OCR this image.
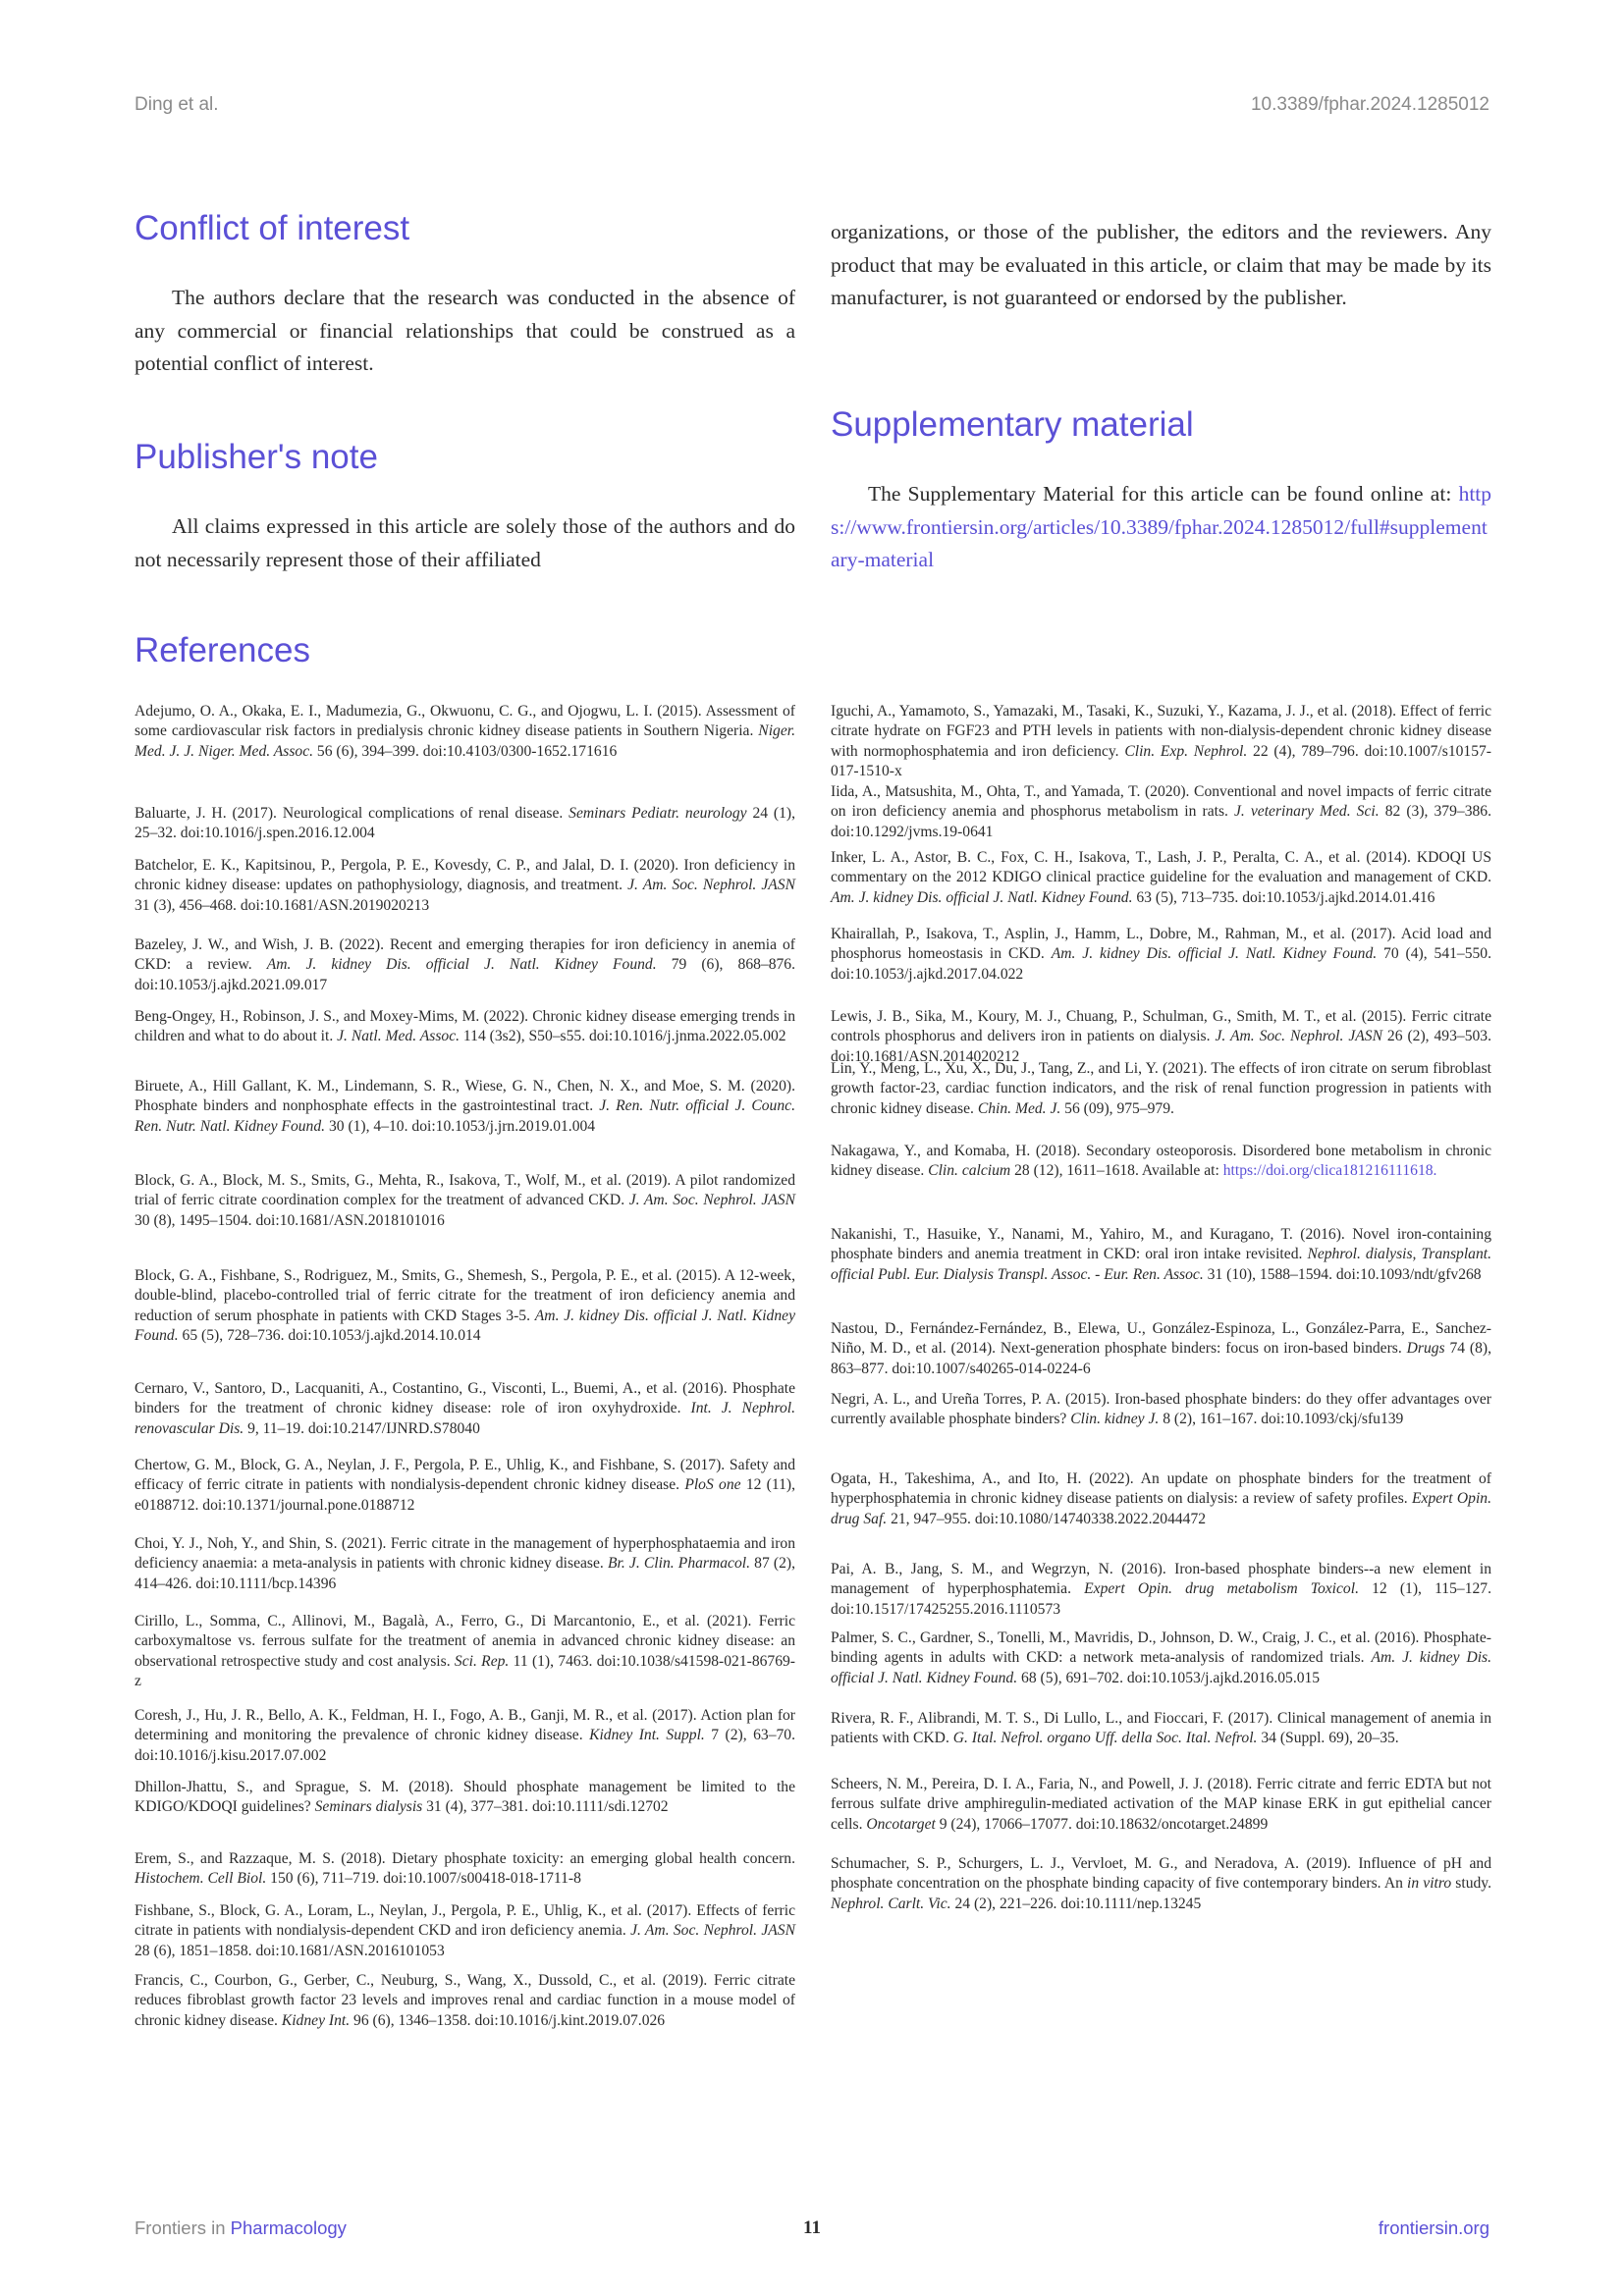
Ding et al.	10.3389/fphar.2024.1285012
Conflict of interest

The authors declare that the research was conducted in the absence of any commercial or financial relationships that could be construed as a potential conflict of interest.

Publisher's note

All claims expressed in this article are solely those of the authors and do not necessarily represent those of their affiliated

organizations, or those of the publisher, the editors and the reviewers. Any product that may be evaluated in this article, or claim that may be made by its manufacturer, is not guaranteed or endorsed by the publisher.

Supplementary material

The Supplementary Material for this article can be found online at: https://www.frontiersin.org/articles/10.3389/fphar.2024.1285012/full#supplementary-material

References
Frontiers in Pharmacology	11	frontiersin.org

Adejumo, O. A., Okaka, E. I., Madumezia, G., Okwuonu, C. G., and Ojogwu, L. I. (2015). Assessment of some cardiovascular risk factors in predialysis chronic kidney disease patients in Southern Nigeria. Niger. Med. J. J. Niger. Med. Assoc. 56 (6), 394–399. doi:10.4103/0300-1652.171616

Baluarte, J. H. (2017). Neurological complications of renal disease. Seminars Pediatr. neurology 24 (1), 25–32. doi:10.1016/j.spen.2016.12.004

Batchelor, E. K., Kapitsinou, P., Pergola, P. E., Kovesdy, C. P., and Jalal, D. I. (2020). Iron deficiency in chronic kidney disease: updates on pathophysiology, diagnosis, and treatment. J. Am. Soc. Nephrol. JASN 31 (3), 456–468. doi:10.1681/ASN.2019020213

Bazeley, J. W., and Wish, J. B. (2022). Recent and emerging therapies for iron deficiency in anemia of CKD: a review. Am. J. kidney Dis. official J. Natl. Kidney Found. 79 (6), 868–876. doi:10.1053/j.ajkd.2021.09.017

Beng-Ongey, H., Robinson, J. S., and Moxey-Mims, M. (2022). Chronic kidney disease emerging trends in children and what to do about it. J. Natl. Med. Assoc. 114 (3s2), S50–s55. doi:10.1016/j.jnma.2022.05.002

Biruete, A., Hill Gallant, K. M., Lindemann, S. R., Wiese, G. N., Chen, N. X., and Moe, S. M. (2020). Phosphate binders and nonphosphate effects in the gastrointestinal tract. J. Ren. Nutr. official J. Counc. Ren. Nutr. Natl. Kidney Found. 30 (1), 4–10. doi:10.1053/j.jrn.2019.01.004

Block, G. A., Block, M. S., Smits, G., Mehta, R., Isakova, T., Wolf, M., et al. (2019). A pilot randomized trial of ferric citrate coordination complex for the treatment of advanced CKD. J. Am. Soc. Nephrol. JASN 30 (8), 1495–1504. doi:10.1681/ASN.2018101016

Block, G. A., Fishbane, S., Rodriguez, M., Smits, G., Shemesh, S., Pergola, P. E., et al. (2015). A 12-week, double-blind, placebo-controlled trial of ferric citrate for the treatment of iron deficiency anemia and reduction of serum phosphate in patients with CKD Stages 3-5. Am. J. kidney Dis. official J. Natl. Kidney Found. 65 (5), 728–736. doi:10.1053/j.ajkd.2014.10.014

Cernaro, V., Santoro, D., Lacquaniti, A., Costantino, G., Visconti, L., Buemi, A., et al. (2016). Phosphate binders for the treatment of chronic kidney disease: role of iron oxyhydroxide. Int. J. Nephrol. renovascular Dis. 9, 11–19. doi:10.2147/IJNRD.S78040

Chertow, G. M., Block, G. A., Neylan, J. F., Pergola, P. E., Uhlig, K., and Fishbane, S. (2017). Safety and efficacy of ferric citrate in patients with nondialysis-dependent chronic kidney disease. PloS one 12 (11), e0188712. doi:10.1371/journal.pone.0188712

Choi, Y. J., Noh, Y., and Shin, S. (2021). Ferric citrate in the management of hyperphosphataemia and iron deficiency anaemia: a meta-analysis in patients with chronic kidney disease. Br. J. Clin. Pharmacol. 87 (2), 414–426. doi:10.1111/bcp.14396

Cirillo, L., Somma, C., Allinovi, M., Bagalà, A., Ferro, G., Di Marcantonio, E., et al. (2021). Ferric carboxymaltose vs. ferrous sulfate for the treatment of anemia in advanced chronic kidney disease: an observational retrospective study and cost analysis. Sci. Rep. 11 (1), 7463. doi:10.1038/s41598-021-86769-z

Coresh, J., Hu, J. R., Bello, A. K., Feldman, H. I., Fogo, A. B., Ganji, M. R., et al. (2017). Action plan for determining and monitoring the prevalence of chronic kidney disease. Kidney Int. Suppl. 7 (2), 63–70. doi:10.1016/j.kisu.2017.07.002

Dhillon-Jhattu, S., and Sprague, S. M. (2018). Should phosphate management be limited to the KDIGO/KDOQI guidelines? Seminars dialysis 31 (4), 377–381. doi:10.1111/sdi.12702

Erem, S., and Razzaque, M. S. (2018). Dietary phosphate toxicity: an emerging global health concern. Histochem. Cell Biol. 150 (6), 711–719. doi:10.1007/s00418-018-1711-8

Fishbane, S., Block, G. A., Loram, L., Neylan, J., Pergola, P. E., Uhlig, K., et al. (2017). Effects of ferric citrate in patients with nondialysis-dependent CKD and iron deficiency anemia. J. Am. Soc. Nephrol. JASN 28 (6), 1851–1858. doi:10.1681/ASN.2016101053

Francis, C., Courbon, G., Gerber, C., Neuburg, S., Wang, X., Dussold, C., et al. (2019). Ferric citrate reduces fibroblast growth factor 23 levels and improves renal and cardiac function in a mouse model of chronic kidney disease. Kidney Int. 96 (6), 1346–1358. doi:10.1016/j.kint.2019.07.026

Iguchi, A., Yamamoto, S., Yamazaki, M., Tasaki, K., Suzuki, Y., Kazama, J. J., et al. (2018). Effect of ferric citrate hydrate on FGF23 and PTH levels in patients with non-dialysis-dependent chronic kidney disease with normophosphatemia and iron deficiency. Clin. Exp. Nephrol. 22 (4), 789–796. doi:10.1007/s10157-017-1510-x

Iida, A., Matsushita, M., Ohta, T., and Yamada, T. (2020). Conventional and novel impacts of ferric citrate on iron deficiency anemia and phosphorus metabolism in rats. J. veterinary Med. Sci. 82 (3), 379–386. doi:10.1292/jvms.19-0641

Inker, L. A., Astor, B. C., Fox, C. H., Isakova, T., Lash, J. P., Peralta, C. A., et al. (2014). KDOQI US commentary on the 2012 KDIGO clinical practice guideline for the evaluation and management of CKD. Am. J. kidney Dis. official J. Natl. Kidney Found. 63 (5), 713–735. doi:10.1053/j.ajkd.2014.01.416

Khairallah, P., Isakova, T., Asplin, J., Hamm, L., Dobre, M., Rahman, M., et al. (2017). Acid load and phosphorus homeostasis in CKD. Am. J. kidney Dis. official J. Natl. Kidney Found. 70 (4), 541–550. doi:10.1053/j.ajkd.2017.04.022

Lewis, J. B., Sika, M., Koury, M. J., Chuang, P., Schulman, G., Smith, M. T., et al. (2015). Ferric citrate controls phosphorus and delivers iron in patients on dialysis. J. Am. Soc. Nephrol. JASN 26 (2), 493–503. doi:10.1681/ASN.2014020212

Lin, Y., Meng, L., Xu, X., Du, J., Tang, Z., and Li, Y. (2021). The effects of iron citrate on serum fibroblast growth factor-23, cardiac function indicators, and the risk of renal function progression in patients with chronic kidney disease. Chin. Med. J. 56 (09), 975–979.

Nakagawa, Y., and Komaba, H. (2018). Secondary osteoporosis. Disordered bone metabolism in chronic kidney disease. Clin. calcium 28 (12), 1611–1618. Available at: https://doi.org/clica181216111618.

Nakanishi, T., Hasuike, Y., Nanami, M., Yahiro, M., and Kuragano, T. (2016). Novel iron-containing phosphate binders and anemia treatment in CKD: oral iron intake revisited. Nephrol. dialysis, Transplant. official Publ. Eur. Dialysis Transpl. Assoc. - Eur. Ren. Assoc. 31 (10), 1588–1594. doi:10.1093/ndt/gfv268

Nastou, D., Fernández-Fernández, B., Elewa, U., González-Espinoza, L., González-Parra, E., Sanchez-Niño, M. D., et al. (2014). Next-generation phosphate binders: focus on iron-based binders. Drugs 74 (8), 863–877. doi:10.1007/s40265-014-0224-6

Negri, A. L., and Ureña Torres, P. A. (2015). Iron-based phosphate binders: do they offer advantages over currently available phosphate binders? Clin. kidney J. 8 (2), 161–167. doi:10.1093/ckj/sfu139

Ogata, H., Takeshima, A., and Ito, H. (2022). An update on phosphate binders for the treatment of hyperphosphatemia in chronic kidney disease patients on dialysis: a review of safety profiles. Expert Opin. drug Saf. 21, 947–955. doi:10.1080/14740338.2022.2044472

Pai, A. B., Jang, S. M., and Wegrzyn, N. (2016). Iron-based phosphate binders--a new element in management of hyperphosphatemia. Expert Opin. drug metabolism Toxicol. 12 (1), 115–127. doi:10.1517/17425255.2016.1110573

Palmer, S. C., Gardner, S., Tonelli, M., Mavridis, D., Johnson, D. W., Craig, J. C., et al. (2016). Phosphate-binding agents in adults with CKD: a network meta-analysis of randomized trials. Am. J. kidney Dis. official J. Natl. Kidney Found. 68 (5), 691–702. doi:10.1053/j.ajkd.2016.05.015

Rivera, R. F., Alibrandi, M. T. S., Di Lullo, L., and Fioccari, F. (2017). Clinical management of anemia in patients with CKD. G. Ital. Nefrol. organo Uff. della Soc. Ital. Nefrol. 34 (Suppl. 69), 20–35.

Scheers, N. M., Pereira, D. I. A., Faria, N., and Powell, J. J. (2018). Ferric citrate and ferric EDTA but not ferrous sulfate drive amphiregulin-mediated activation of the MAP kinase ERK in gut epithelial cancer cells. Oncotarget 9 (24), 17066–17077. doi:10.18632/oncotarget.24899

Schumacher, S. P., Schurgers, L. J., Vervloet, M. G., and Neradova, A. (2019). Influence of pH and phosphate concentration on the phosphate binding capacity of five contemporary binders. An in vitro study. Nephrol. Carlt. Vic. 24 (2), 221–226. doi:10.1111/nep.13245
